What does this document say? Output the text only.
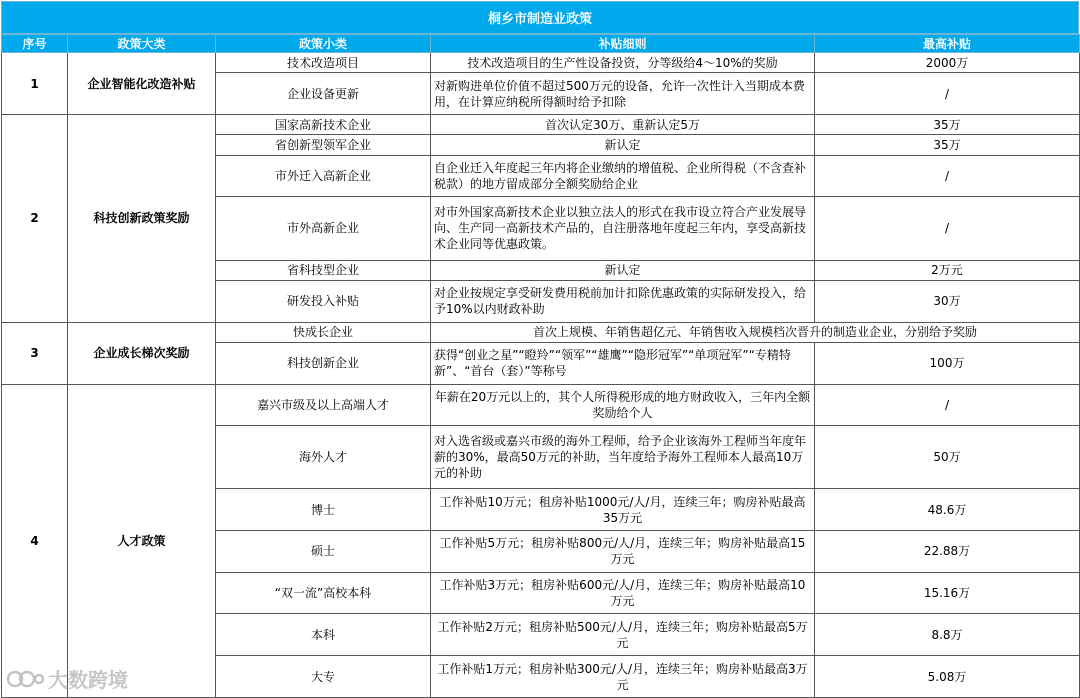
桐乡市制造业政策
序号	政策大类	政策小类	补贴细则	最高补贴
1	企业智能化改造补贴	技术改造项目	技术改造项目的生产性设备投资，分等级给4～10%的奖励	2000万
		企业设备更新	对新购进单位价值不超过500万元的设备，允许一次性计入当期成本费用，在计算应纳税所得额时给予扣除	/
2	科技创新政策奖励	国家高新技术企业	首次认定30万、重新认定5万	35万
		省创新型领军企业	新认定	35万
		市外迁入高新企业	自企业迁入年度起三年内将企业缴纳的增值税、企业所得税（不含查补税款）的地方留成部分全额奖励给企业	/
		市外高新企业	对市外国家高新技术企业以独立法人的形式在我市设立符合产业发展导向、生产同一高新技术产品的，自注册落地年度起三年内，享受高新技术企业同等优惠政策。	/
		省科技型企业	新认定	2万元
		研发投入补贴	对企业按规定享受研发费用税前加计扣除优惠政策的实际研发投入，给予10%以内财政补助	30万
3	企业成长梯次奖励	快成长企业	首次上规模、年销售超亿元、年销售收入规模档次晋升的制造业企业，分别给予奖励	
		科技创新企业	获得“创业之星”“瞪羚”“领军”“雄鹰”“隐形冠军”“单项冠军”“专精特新”、“首台（套）”等称号	100万
4	人才政策	嘉兴市级及以上高端人才	年薪在20万元以上的，其个人所得税形成的地方财政收入，三年内全额奖励给个人	/
		海外人才	对入选省级或嘉兴市级的海外工程师，给予企业该海外工程师当年度年薪的30%，最高50万元的补助，当年度给予海外工程师本人最高10万元的补助	50万
		博士	工作补贴10万元；租房补贴1000元/人/月，连续三年；购房补贴最高35万元	48.6万
		硕士	工作补贴5万元；租房补贴800元/人/月，连续三年；购房补贴最高15万元	22.88万
		“双一流”高校本科	工作补贴3万元；租房补贴600元/人/月，连续三年；购房补贴最高10万元	15.16万
		本科	工作补贴2万元；租房补贴500元/人/月，连续三年；购房补贴最高5万元	8.8万
		大专	工作补贴1万元；租房补贴300元/人/月，连续三年；购房补贴最高3万元	5.08万
大数跨境
